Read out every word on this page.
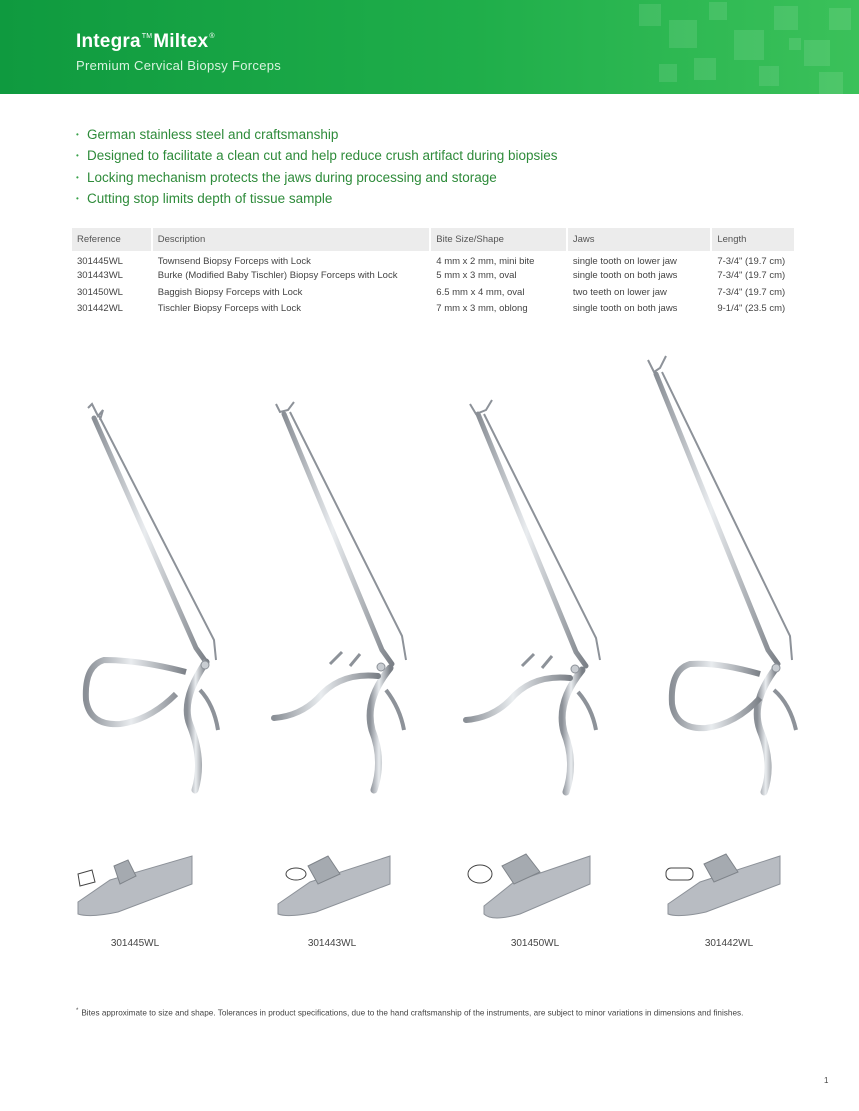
Integra™Miltex®
Premium Cervical Biopsy Forceps
• German stainless steel and craftsmanship
• Designed to facilitate a clean cut and help reduce crush artifact during biopsies
• Locking mechanism protects the jaws during processing and storage
• Cutting stop limits depth of tissue sample
Reference	Description	Bite Size/Shape	Jaws	Length
301445WL	Townsend Biopsy Forceps with Lock	4 mm x 2 mm, mini bite	single tooth on lower jaw	7-3/4" (19.7 cm)
301443WL	Burke (Modified Baby Tischler) Biopsy Forceps with Lock	5 mm x 3 mm, oval	single tooth on both jaws	7-3/4" (19.7 cm)
301450WL	Baggish Biopsy Forceps with Lock	6.5 mm x 4 mm, oval	two teeth on lower jaw	7-3/4" (19.7 cm)
301442WL	Tischler Biopsy Forceps with Lock	7 mm x 3 mm, oblong	single tooth on both jaws	9-1/4" (23.5 cm)
301445WL	301443WL	301450WL	301442WL
* Bites approximate to size and shape. Tolerances in product specifications, due to the hand craftsmanship of the instruments, are subject to minor variations in dimensions and finishes.
1
